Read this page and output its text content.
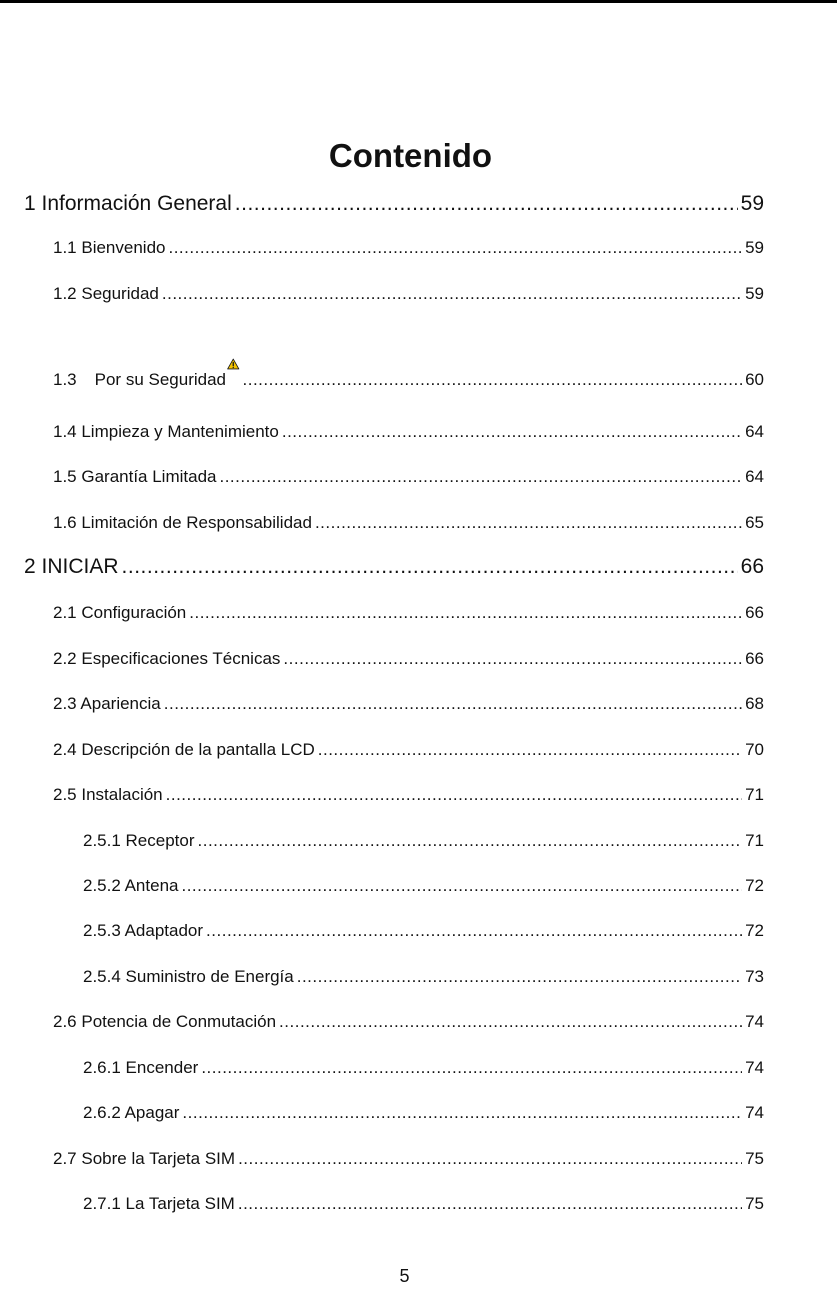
Contenido
1 Información General .....	59
1.1 Bienvenido .....	59
1.2 Seguridad .....	59
1.3 Por su Seguridad .....	60
1.4 Limpieza y Mantenimiento .....	64
1.5 Garantía Limitada .....	64
1.6 Limitación de Responsabilidad .....	65
2 INICIAR .....	66
2.1 Configuración .....	66
2.2 Especificaciones Técnicas .....	66
2.3 Apariencia .....	68
2.4 Descripción de la pantalla LCD .....	70
2.5 Instalación .....	71
2.5.1 Receptor .....	71
2.5.2 Antena .....	72
2.5.3 Adaptador .....	72
2.5.4 Suministro de Energía .....	73
2.6 Potencia de Conmutación .....	74
2.6.1 Encender .....	74
2.6.2 Apagar .....	74
2.7 Sobre la Tarjeta SIM .....	75
2.7.1 La Tarjeta SIM .....	75
5
